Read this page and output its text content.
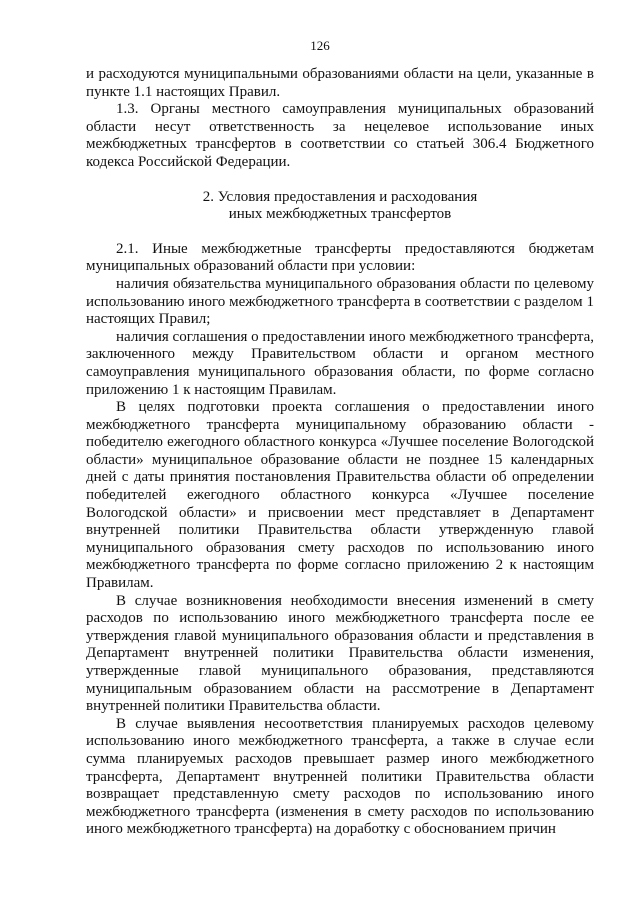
126

и расходуются муниципальными образованиями области на цели, указанные в пункте 1.1 настоящих Правил.

1.3. Органы местного самоуправления муниципальных образований области несут ответственность за нецелевое использование иных межбюджетных трансфертов в соответствии со статьей 306.4 Бюджетного кодекса Российской Федерации.

2. Условия предоставления и расходования
иных межбюджетных трансфертов

2.1. Иные межбюджетные трансферты предоставляются бюджетам муниципальных образований области при условии:

наличия обязательства муниципального образования области по целевому использованию иного межбюджетного трансферта в соответствии с разделом 1 настоящих Правил;

наличия соглашения о предоставлении иного межбюджетного трансферта, заключенного между Правительством области и органом местного самоуправления муниципального образования области, по форме согласно приложению 1 к настоящим Правилам.

В целях подготовки проекта соглашения о предоставлении иного межбюджетного трансферта муниципальному образованию области - победителю ежегодного областного конкурса «Лучшее поселение Вологодской области» муниципальное образование области не позднее 15 календарных дней с даты принятия постановления Правительства области об определении победителей ежегодного областного конкурса «Лучшее поселение Вологодской области» и присвоении мест представляет в Департамент внутренней политики Правительства области утвержденную главой муниципального образования смету расходов по использованию иного межбюджетного трансферта по форме согласно приложению 2 к настоящим Правилам.

В случае возникновения необходимости внесения изменений в смету расходов по использованию иного межбюджетного трансферта после ее утверждения главой муниципального образования области и представления в Департамент внутренней политики Правительства области изменения, утвержденные главой муниципального образования, представляются муниципальным образованием области на рассмотрение в Департамент внутренней политики Правительства области.

В случае выявления несоответствия планируемых расходов целевому использованию иного межбюджетного трансферта, а также в случае если сумма планируемых расходов превышает размер иного межбюджетного трансферта, Департамент внутренней политики Правительства области возвращает представленную смету расходов по использованию иного межбюджетного трансферта (изменения в смету расходов по использованию иного межбюджетного трансферта) на доработку с обоснованием причин
